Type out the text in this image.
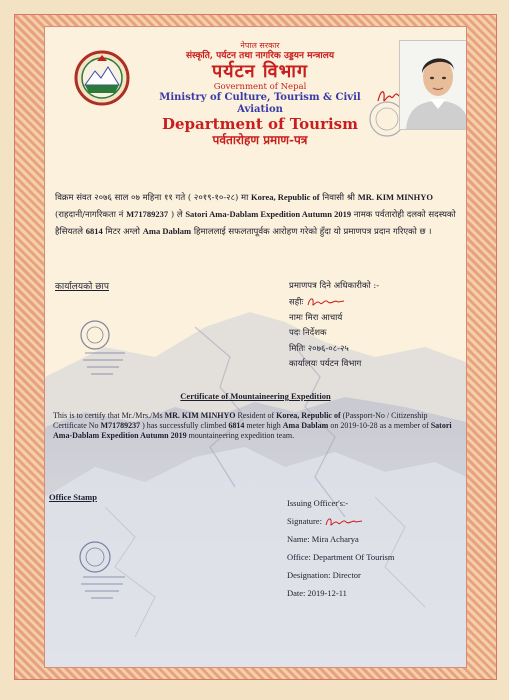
नेपाल सरकार
संस्कृति, पर्यटन तथा नागरिक उड्डयन मन्त्रालय
पर्यटन विभाग
Government of Nepal
Ministry of Culture, Tourism & Civil Aviation
Department of Tourism
पर्वतारोहण प्रमाण-पत्र
विक्रम संवत २०७६ साल ०७ महिना ११ गते ( २०१९-१०-२८) मा Korea, Republic of निवासी श्री MR. KIM MINHYO (राहदानी/नागरिकता नं M71789237 ) ले Satori Ama-Dablam Expedition Autumn 2019 नामक पर्वतारोही दलको सदस्यको हैसियतले 6814 मिटर अग्लो Ama Dablam हिमाललाई सफलतापूर्वक आरोहण गरेको हुँदा यो प्रमाणपत्र प्रदान गरिएको छ ।
कार्यालयको छाप	प्रमाणपत्र दिने अधिकारीको :-
सहीः
नामः मिरा आचार्य
पदः निर्देशक
मितिः २०७६-०८-२५
कार्यालयः पर्यटन विभाग
Certificate of Mountaineering Expedition
This is to certify that Mr./Mrs./Ms MR. KIM MINHYO Resident of Korea, Republic of (Passport-No / Citizenship Certificate No M71789237 ) has successfully climbed 6814 meter high Ama Dablam on 2019-10-28 as a member of Satori Ama-Dablam Expedition Autumn 2019 mountaineering expedition team.
Office Stamp
Issuing Officer's:-
Signature:
Name: Mira Acharya
Office: Department Of Tourism
Designation: Director
Date: 2019-12-11
